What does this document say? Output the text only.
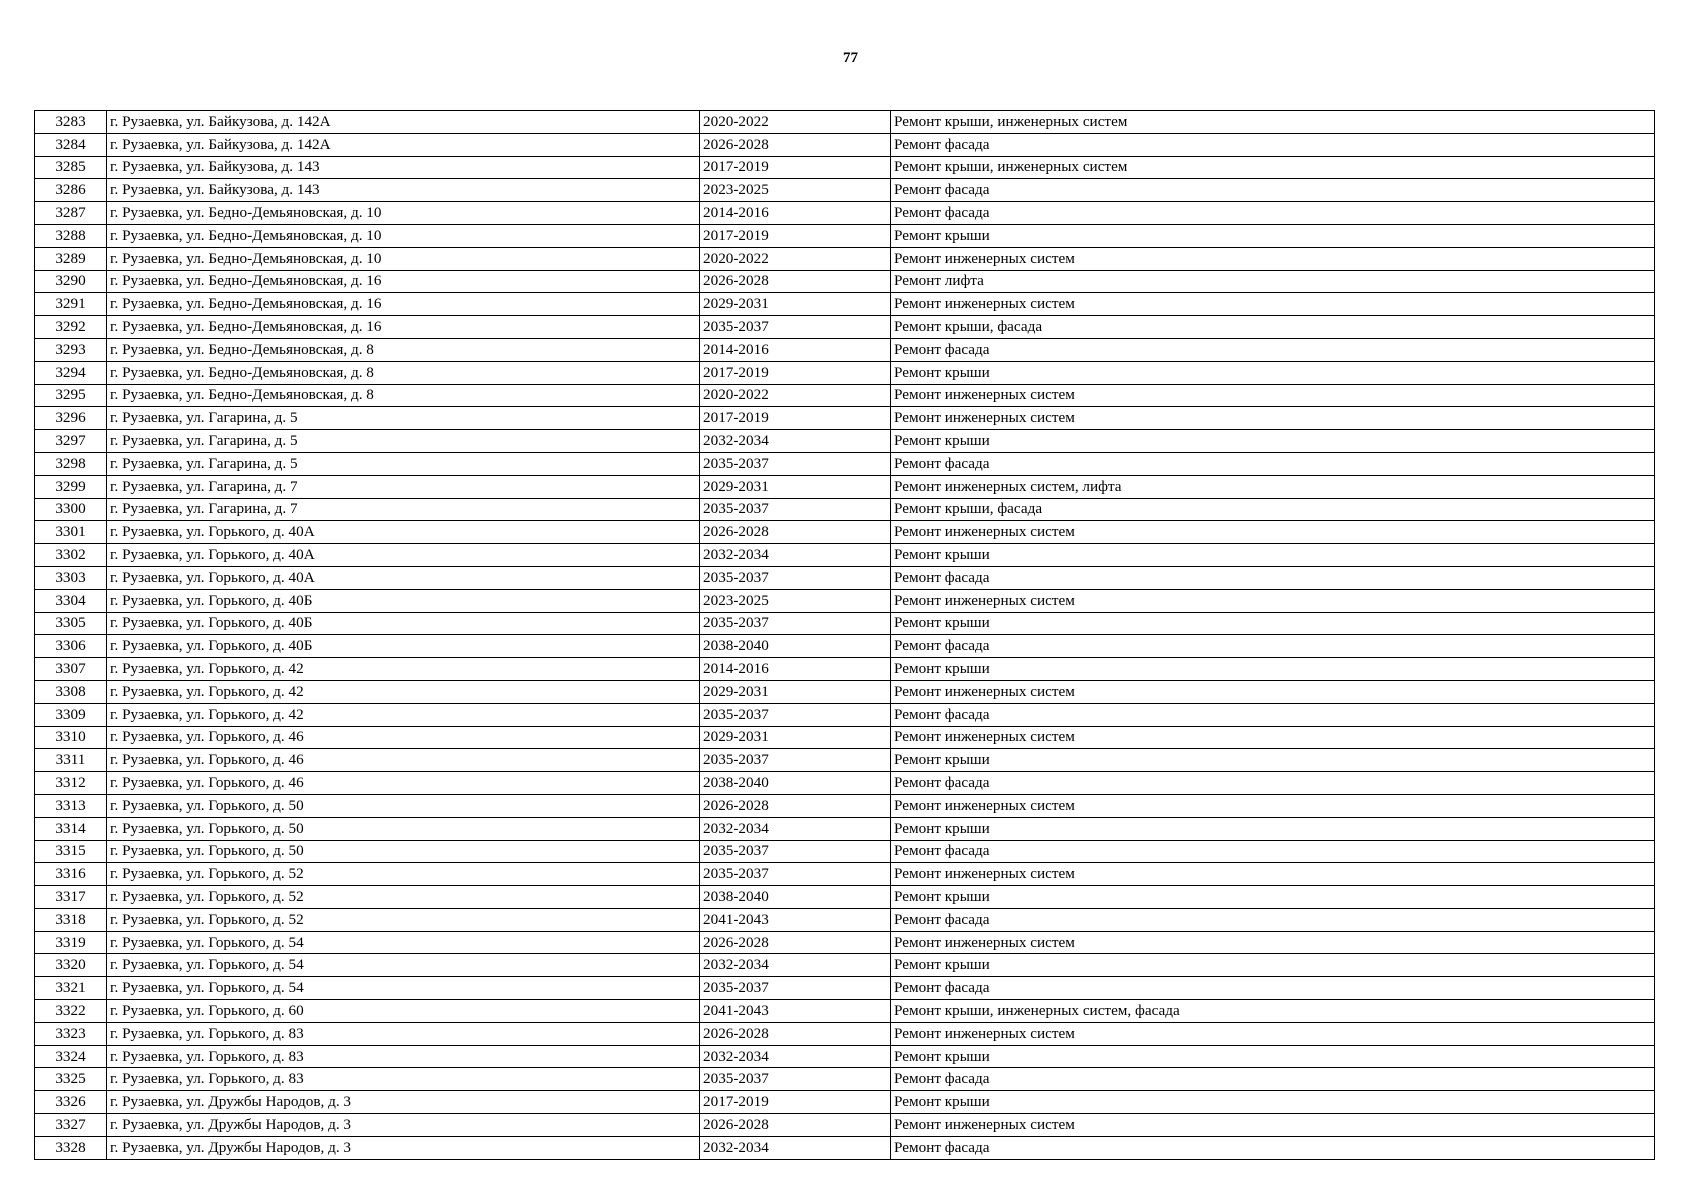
77
3283	г. Рузаевка, ул. Байкузова, д. 142А	2020-2022	Ремонт крыши, инженерных систем
3284	г. Рузаевка, ул. Байкузова, д. 142А	2026-2028	Ремонт фасада
3285	г. Рузаевка, ул. Байкузова, д. 143	2017-2019	Ремонт крыши, инженерных систем
3286	г. Рузаевка, ул. Байкузова, д. 143	2023-2025	Ремонт фасада
3287	г. Рузаевка, ул. Бедно-Демьяновская, д. 10	2014-2016	Ремонт фасада
3288	г. Рузаевка, ул. Бедно-Демьяновская, д. 10	2017-2019	Ремонт крыши
3289	г. Рузаевка, ул. Бедно-Демьяновская, д. 10	2020-2022	Ремонт инженерных систем
3290	г. Рузаевка, ул. Бедно-Демьяновская, д. 16	2026-2028	Ремонт лифта
3291	г. Рузаевка, ул. Бедно-Демьяновская, д. 16	2029-2031	Ремонт инженерных систем
3292	г. Рузаевка, ул. Бедно-Демьяновская, д. 16	2035-2037	Ремонт крыши, фасада
3293	г. Рузаевка, ул. Бедно-Демьяновская, д. 8	2014-2016	Ремонт фасада
3294	г. Рузаевка, ул. Бедно-Демьяновская, д. 8	2017-2019	Ремонт крыши
3295	г. Рузаевка, ул. Бедно-Демьяновская, д. 8	2020-2022	Ремонт инженерных систем
3296	г. Рузаевка, ул. Гагарина, д. 5	2017-2019	Ремонт инженерных систем
3297	г. Рузаевка, ул. Гагарина, д. 5	2032-2034	Ремонт крыши
3298	г. Рузаевка, ул. Гагарина, д. 5	2035-2037	Ремонт фасада
3299	г. Рузаевка, ул. Гагарина, д. 7	2029-2031	Ремонт инженерных систем, лифта
3300	г. Рузаевка, ул. Гагарина, д. 7	2035-2037	Ремонт крыши, фасада
3301	г. Рузаевка, ул. Горького, д. 40А	2026-2028	Ремонт инженерных систем
3302	г. Рузаевка, ул. Горького, д. 40А	2032-2034	Ремонт крыши
3303	г. Рузаевка, ул. Горького, д. 40А	2035-2037	Ремонт фасада
3304	г. Рузаевка, ул. Горького, д. 40Б	2023-2025	Ремонт инженерных систем
3305	г. Рузаевка, ул. Горького, д. 40Б	2035-2037	Ремонт крыши
3306	г. Рузаевка, ул. Горького, д. 40Б	2038-2040	Ремонт фасада
3307	г. Рузаевка, ул. Горького, д. 42	2014-2016	Ремонт крыши
3308	г. Рузаевка, ул. Горького, д. 42	2029-2031	Ремонт инженерных систем
3309	г. Рузаевка, ул. Горького, д. 42	2035-2037	Ремонт фасада
3310	г. Рузаевка, ул. Горького, д. 46	2029-2031	Ремонт инженерных систем
3311	г. Рузаевка, ул. Горького, д. 46	2035-2037	Ремонт крыши
3312	г. Рузаевка, ул. Горького, д. 46	2038-2040	Ремонт фасада
3313	г. Рузаевка, ул. Горького, д. 50	2026-2028	Ремонт инженерных систем
3314	г. Рузаевка, ул. Горького, д. 50	2032-2034	Ремонт крыши
3315	г. Рузаевка, ул. Горького, д. 50	2035-2037	Ремонт фасада
3316	г. Рузаевка, ул. Горького, д. 52	2035-2037	Ремонт инженерных систем
3317	г. Рузаевка, ул. Горького, д. 52	2038-2040	Ремонт крыши
3318	г. Рузаевка, ул. Горького, д. 52	2041-2043	Ремонт фасада
3319	г. Рузаевка, ул. Горького, д. 54	2026-2028	Ремонт инженерных систем
3320	г. Рузаевка, ул. Горького, д. 54	2032-2034	Ремонт крыши
3321	г. Рузаевка, ул. Горького, д. 54	2035-2037	Ремонт фасада
3322	г. Рузаевка, ул. Горького, д. 60	2041-2043	Ремонт крыши, инженерных систем, фасада
3323	г. Рузаевка, ул. Горького, д. 83	2026-2028	Ремонт инженерных систем
3324	г. Рузаевка, ул. Горького, д. 83	2032-2034	Ремонт крыши
3325	г. Рузаевка, ул. Горького, д. 83	2035-2037	Ремонт фасада
3326	г. Рузаевка, ул. Дружбы Народов, д. 3	2017-2019	Ремонт крыши
3327	г. Рузаевка, ул. Дружбы Народов, д. 3	2026-2028	Ремонт инженерных систем
3328	г. Рузаевка, ул. Дружбы Народов, д. 3	2032-2034	Ремонт фасада
